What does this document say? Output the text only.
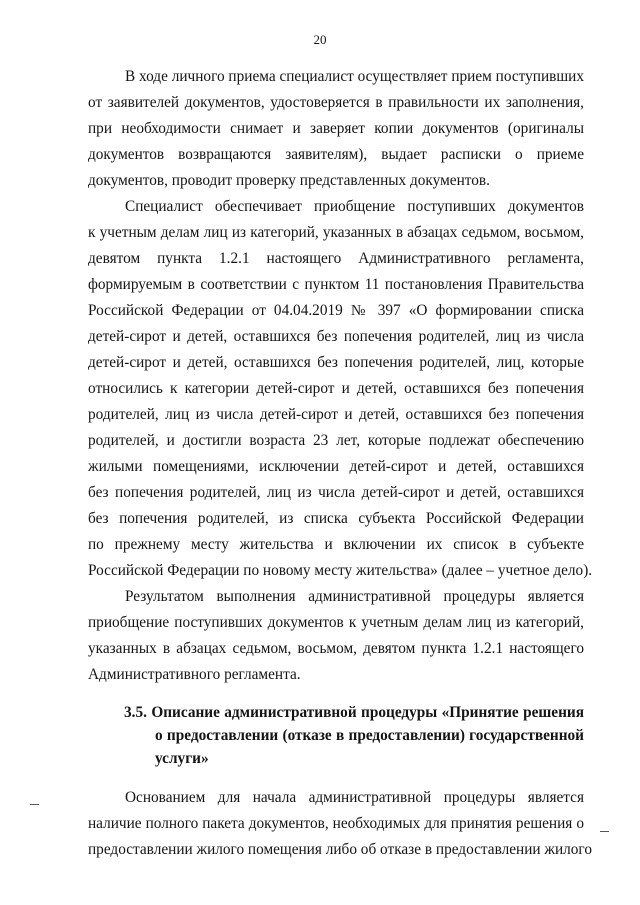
20
В ходе личного приема специалист осуществляет прием поступивших
от заявителей документов, удостоверяется в правильности их заполнения,
при необходимости снимает и заверяет копии документов (оригиналы
документов возвращаются заявителям), выдает расписки о приеме
документов, проводит проверку представленных документов.
Специалист обеспечивает приобщение поступивших документов
к учетным делам лиц из категорий, указанных в абзацах седьмом, восьмом,
девятом пункта 1.2.1 настоящего Административного регламента,
формируемым в соответствии с пунктом 11 постановления Правительства
Российской Федерации от 04.04.2019 № 397 «О формировании списка
детей-сирот и детей, оставшихся без попечения родителей, лиц из числа
детей-сирот и детей, оставшихся без попечения родителей, лиц, которые
относились к категории детей-сирот и детей, оставшихся без попечения
родителей, лиц из числа детей-сирот и детей, оставшихся без попечения
родителей, и достигли возраста 23 лет, которые подлежат обеспечению
жилыми помещениями, исключении детей-сирот и детей, оставшихся
без попечения родителей, лиц из числа детей-сирот и детей, оставшихся
без попечения родителей, из списка субъекта Российской Федерации
по прежнему месту жительства и включении их список в субъекте
Российской Федерации по новому месту жительства» (далее – учетное дело).
Результатом выполнения административной процедуры является
приобщение поступивших документов к учетным делам лиц из категорий,
указанных в абзацах седьмом, восьмом, девятом пункта 1.2.1 настоящего
Административного регламента.
3.5. Описание административной процедуры «Принятие решения
о предоставлении (отказе в предоставлении) государственной
услуги»
Основанием для начала административной процедуры является
наличие полного пакета документов, необходимых для принятия решения о
предоставлении жилого помещения либо об отказе в предоставлении жилого
